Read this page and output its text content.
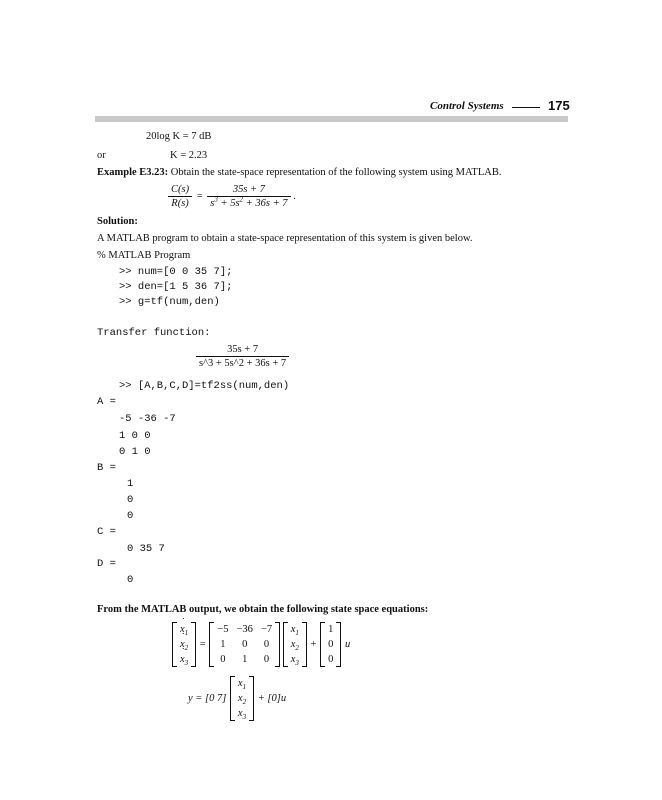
Control Systems	175
20log K = 7 dB
or	K = 2.23
Example E3.23: Obtain the state-space representation of the following system using MATLAB.
$\frac{C(s)}{R(s)} = \frac{35s + 7}{s^3 + 5s^2 + 36s + 7}$ .
Solution:
A MATLAB program to obtain a state-space representation of this system is given below.
% MATLAB Program
>> num=[0 0 35 7];
>> den=[1 5 36 7];
>> g=tf(num,den)
Transfer function:
$\frac{35s + 7}{s\^{}3 + 5s\^{}2 + 36s + 7}$
>> [A,B,C,D]=tf2ss(num,den)
A =
-5 -36 -7
1 0 0
0 1 0
B =
1
0
0
C =
0 35 7
D =
0
From the MATLAB output, we obtain the following state space equations:
x $˙_1$
x $˙_2$
x $˙_3$
=
−5	−36	−7
1	0	0
0	1	0

$x_1$
$x_2$
$x_3$
+
1
0
0
u
y = [0 7]
$x_1$
$x_2$
$x_3$
+ [0]u
